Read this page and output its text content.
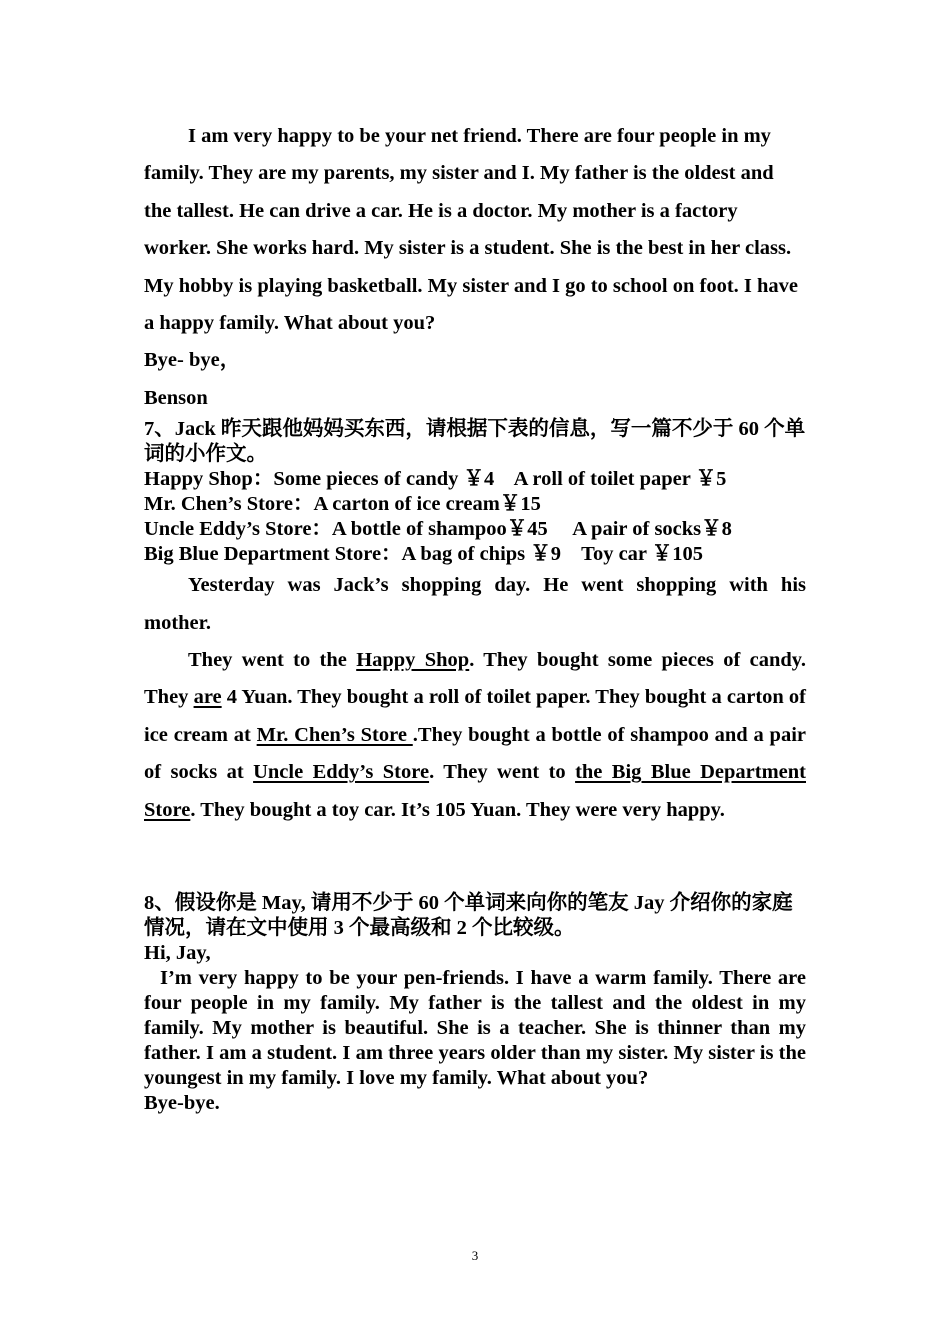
I am very happy to be your net friend. There are four people in my family. They are my parents, my sister and I. My father is the oldest and the tallest. He can drive a car. He is a doctor. My mother is a factory worker. She works hard. My sister is a student. She is the best in her class. My hobby is playing basketball. My sister and I go to school on foot. I have a happy family. What about you?

Bye- bye，

Benson

7、Jack 昨天跟他妈妈买东西，请根据下表的信息，写一篇不少于 60 个单词的小作文。

Happy Shop：Some pieces of candy ￥4    A roll of toilet paper ￥5

Mr. Chen’s Store：A carton of ice cream￥15

Uncle Eddy’s Store：A bottle of shampoo￥45     A pair of socks￥8

Big Blue Department Store：A bag of chips ￥9    Toy car ￥105

Yesterday was Jack’s shopping day. He went shopping with his mother.

They went to the Happy Shop. They bought some pieces of candy. They are 4 Yuan. They bought a roll of toilet paper. They bought a carton of ice cream at Mr. Chen’s Store .They bought a bottle of shampoo and a pair of socks at Uncle Eddy’s Store. They went to the Big Blue Department Store. They bought a toy car. It’s 105 Yuan. They were very happy.

8、假设你是 May, 请用不少于 60 个单词来向你的笔友 Jay 介绍你的家庭情况，请在文中使用 3 个最高级和 2 个比较级。

Hi, Jay,

I’m very happy to be your pen-friends. I have a warm family. There are four people in my family. My father is the tallest and the oldest in my family. My mother is beautiful. She is a teacher. She is thinner than my father. I am a student. I am three years older than my sister. My sister is the youngest in my family. I love my family. What about you?

Bye-bye.

3
